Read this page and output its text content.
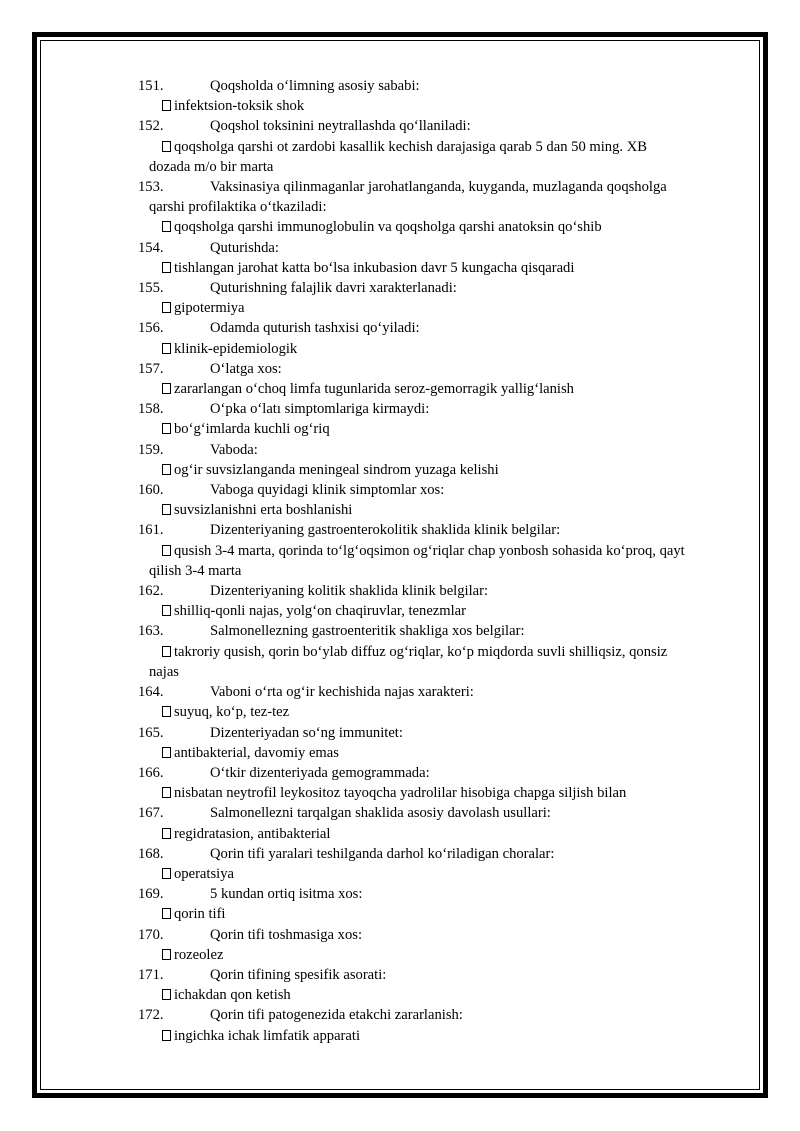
151.	Qoqsholda o‘limning asosiy sababi:
infektsion-toksik shok
152.	Qoqshol toksinini neytrallashda qo‘llaniladi:
qoqsholga qarshi ot zardobi kasallik kechish darajasiga qarab 5 dan 50 ming. XB
dozada m/o bir marta
153.	Vaksinasiya qilinmaganlar jarohatlanganda, kuyganda, muzlaganda qoqsholga
qarshi profilaktika o‘tkaziladi:
qoqsholga qarshi immunoglobulin va qoqsholga qarshi anatoksin qo‘shib
154.	Quturishda:
tishlangan jarohat katta bo‘lsa inkubasion davr 5 kungacha qisqaradi
155.	Quturishning falajlik davri xarakterlanadi:
gipotermiya
156.	Odamda quturish tashxisi qo‘yiladi:
klinik-epidemiologik
157.	O‘latga xos:
zararlangan o‘choq limfa tugunlarida seroz-gemorragik yallig‘lanish
158.	O‘pka o‘latı simptomlariga kirmaydi:
bo‘g‘imlarda kuchli og‘riq
159.	Vaboda:
og‘ir suvsizlanganda meningeal sindrom yuzaga kelishi
160.	Vaboga quyidagi klinik simptomlar xos:
suvsizlanishni erta boshlanishi
161.	Dizenteriyaning gastroenterokolitik shaklida klinik belgilar:
qusish 3-4 marta, qorinda to‘lg‘oqsimon og‘riqlar chap yonbosh sohasida ko‘proq, qayt
qilish 3-4 marta
162.	Dizenteriyaning kolitik shaklida klinik belgilar:
shilliq-qonli najas, yolg‘on chaqiruvlar, tenezmlar
163.	Salmonellezning gastroenteritik shakliga xos belgilar:
takroriy qusish, qorin bo‘ylab diffuz og‘riqlar, ko‘p miqdorda suvli shilliqsiz, qonsiz
najas
164.	Vaboni o‘rta og‘ir kechishida najas xarakteri:
suyuq, ko‘p, tez-tez
165.	Dizenteriyadan so‘ng immunitet:
antibakterial, davomiy emas
166.	O‘tkir dizenteriyada gemogrammada:
nisbatan neytrofil leykositoz tayoqcha yadrolilar hisobiga chapga siljish bilan
167.	Salmonellezni tarqalgan shaklida asosiy davolash usullari:
regidratasion, antibakterial
168.	Qorin tifi yaralari teshilganda darhol ko‘riladigan choralar:
operatsiya
169.	5 kundan ortiq isitma xos:
qorin tifi
170.	Qorin tifi toshmasiga xos:
rozeolez
171.	Qorin tifining spesifik asorati:
ichakdan qon ketish
172.	Qorin tifi patogenezida etakchi zararlanish:
ingichka ichak limfatik apparati
